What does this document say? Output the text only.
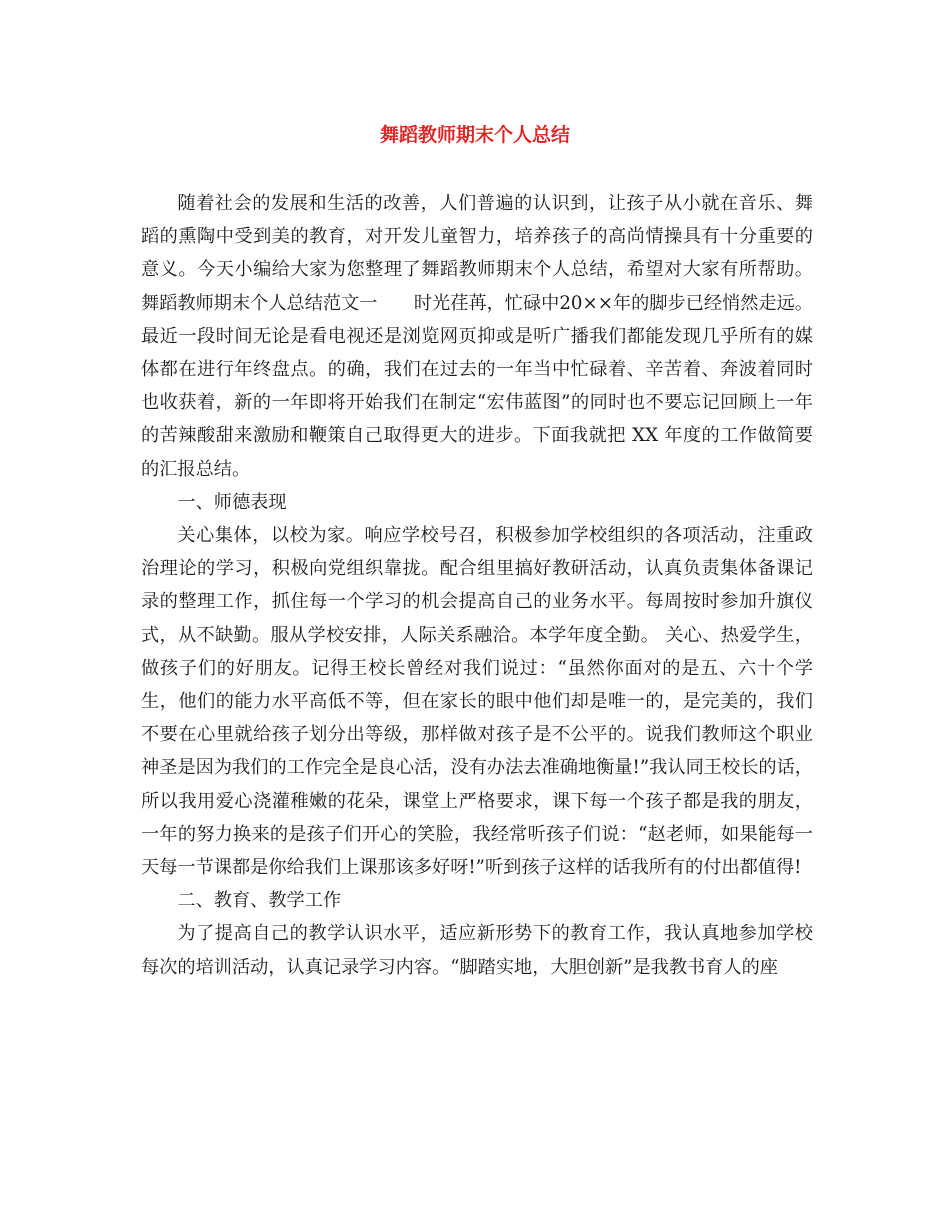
舞蹈教师期末个人总结

随着社会的发展和生活的改善，人们普遍的认识到，让孩子从小就在音乐、舞蹈的熏陶中受到美的教育，对开发儿童智力，培养孩子的高尚情操具有十分重要的意义。今天小编给大家为您整理了舞蹈教师期末个人总结，希望对大家有所帮助。舞蹈教师期末个人总结范文一　　时光荏苒，忙碌中20××年的脚步已经悄然走远。最近一段时间无论是看电视还是浏览网页抑或是听广播我们都能发现几乎所有的媒体都在进行年终盘点。的确，我们在过去的一年当中忙碌着、辛苦着、奔波着同时也收获着，新的一年即将开始我们在制定“宏伟蓝图”的同时也不要忘记回顾上一年的苦辣酸甜来激励和鞭策自己取得更大的进步。下面我就把 XX 年度的工作做简要的汇报总结。

一、师德表现

关心集体，以校为家。响应学校号召，积极参加学校组织的各项活动，注重政治理论的学习，积极向党组织靠拢。配合组里搞好教研活动，认真负责集体备课记录的整理工作，抓住每一个学习的机会提高自己的业务水平。每周按时参加升旗仪式，从不缺勤。服从学校安排，人际关系融洽。本学年度全勤。 关心、热爱学生，做孩子们的好朋友。记得王校长曾经对我们说过：“虽然你面对的是五、六十个学生，他们的能力水平高低不等，但在家长的眼中他们却是唯一的，是完美的，我们不要在心里就给孩子划分出等级，那样做对孩子是不公平的。说我们教师这个职业神圣是因为我们的工作完全是良心活，没有办法去准确地衡量!”我认同王校长的话，所以我用爱心浇灌稚嫩的花朵，课堂上严格要求，课下每一个孩子都是我的朋友，一年的努力换来的是孩子们开心的笑脸，我经常听孩子们说：“赵老师，如果能每一天每一节课都是你给我们上课那该多好呀!”听到孩子这样的话我所有的付出都值得!

二、教育、教学工作

为了提高自己的教学认识水平，适应新形势下的教育工作，我认真地参加学校每次的培训活动，认真记录学习内容。“脚踏实地，大胆创新”是我教书育人的座
